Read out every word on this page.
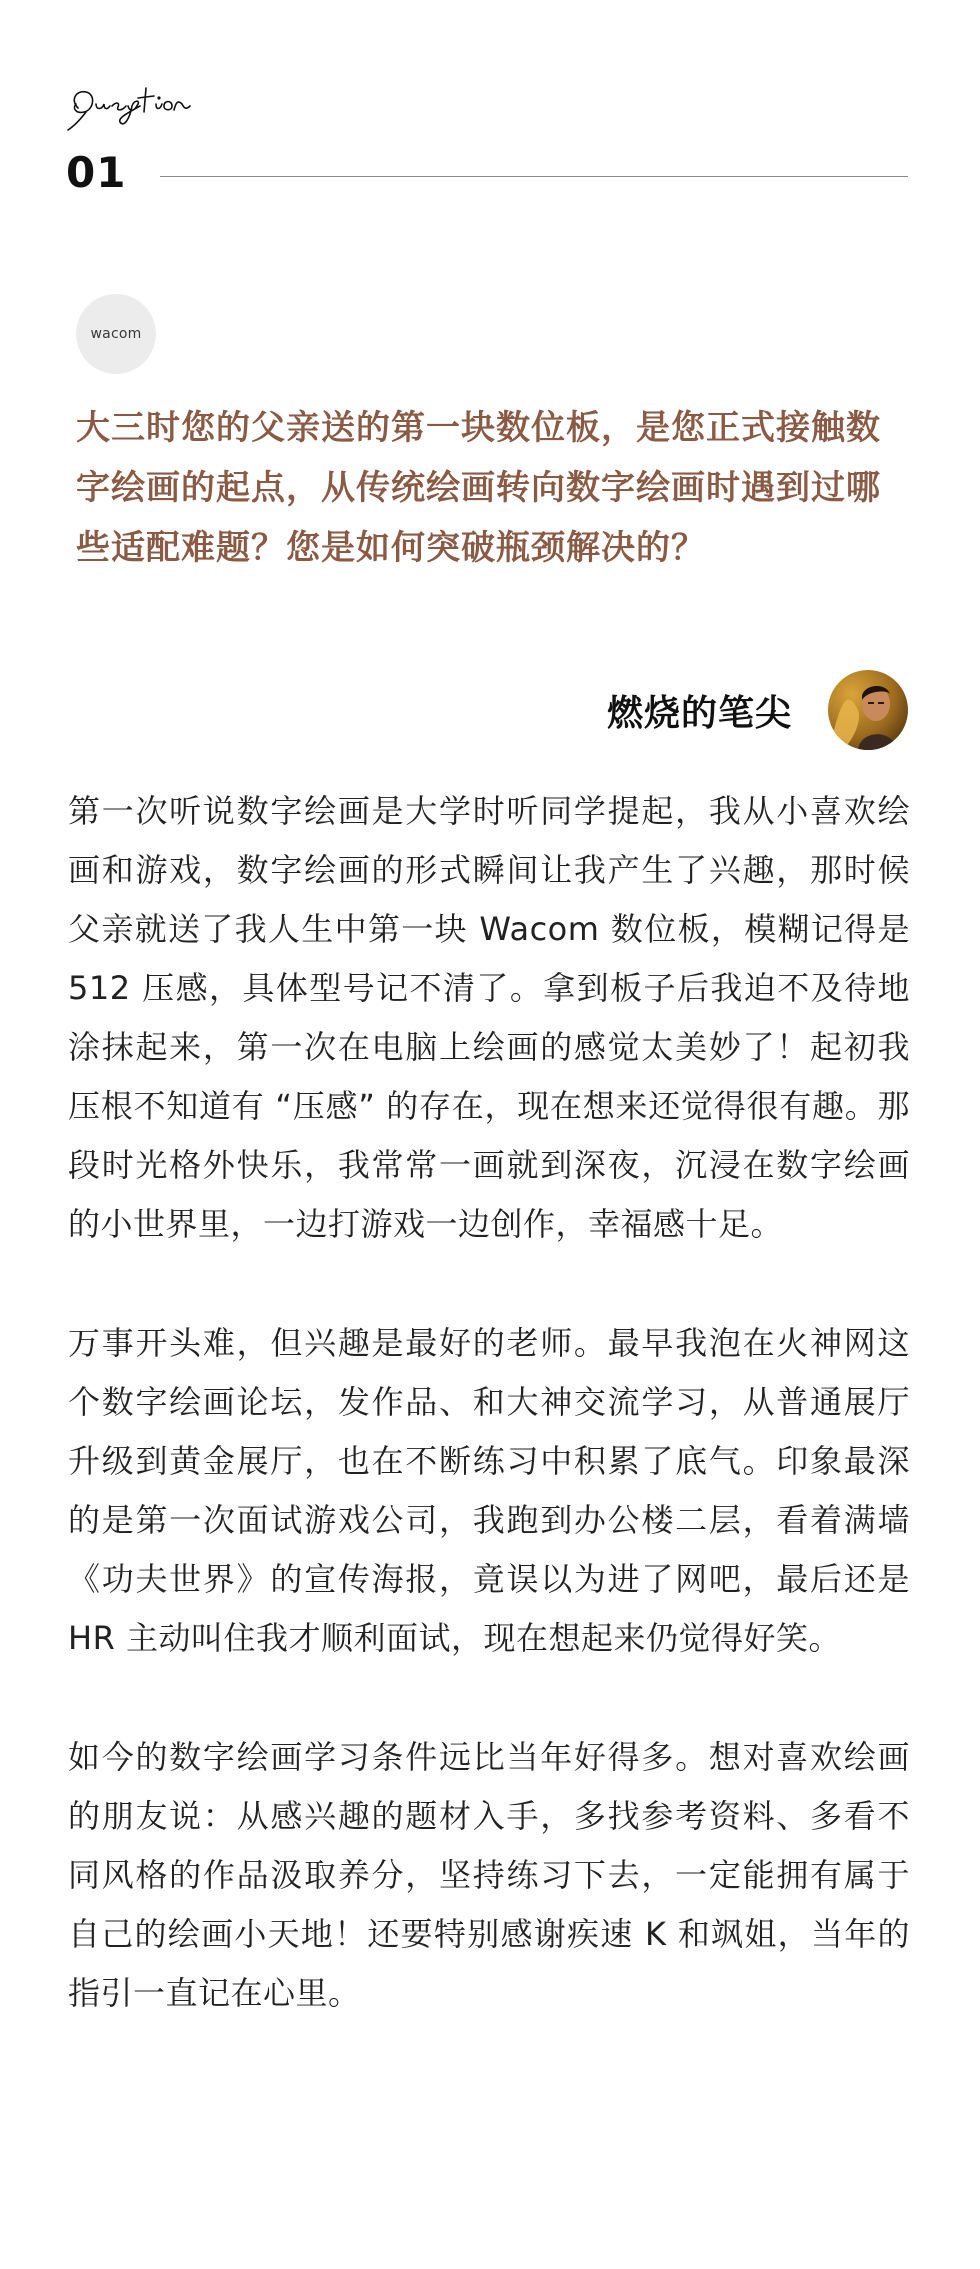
01
wacom
大三时您的父亲送的第一块数位板，是您正式接触数字绘画的起点，从传统绘画转向数字绘画时遇到过哪些适配难题？您是如何突破瓶颈解决的？
燃烧的笔尖

第一次听说数字绘画是大学时听同学提起，我从小喜欢绘画和游戏，数字绘画的形式瞬间让我产生了兴趣，那时候父亲就送了我人生中第一块 Wacom 数位板，模糊记得是 512 压感，具体型号记不清了。拿到板子后我迫不及待地涂抹起来，第一次在电脑上绘画的感觉太美妙了！起初我压根不知道有 “压感” 的存在，现在想来还觉得很有趣。那段时光格外快乐，我常常一画就到深夜，沉浸在数字绘画的小世界里，一边打游戏一边创作，幸福感十足。

万事开头难，但兴趣是最好的老师。最早我泡在火神网这个数字绘画论坛，发作品、和大神交流学习，从普通展厅升级到黄金展厅，也在不断练习中积累了底气。印象最深的是第一次面试游戏公司，我跑到办公楼二层，看着满墙《功夫世界》的宣传海报，竟误以为进了网吧，最后还是 HR 主动叫住我才顺利面试，现在想起来仍觉得好笑。

如今的数字绘画学习条件远比当年好得多。想对喜欢绘画的朋友说：从感兴趣的题材入手，多找参考资料、多看不同风格的作品汲取养分，坚持练习下去，一定能拥有属于自己的绘画小天地！还要特别感谢疾速 K 和飒姐，当年的指引一直记在心里。
